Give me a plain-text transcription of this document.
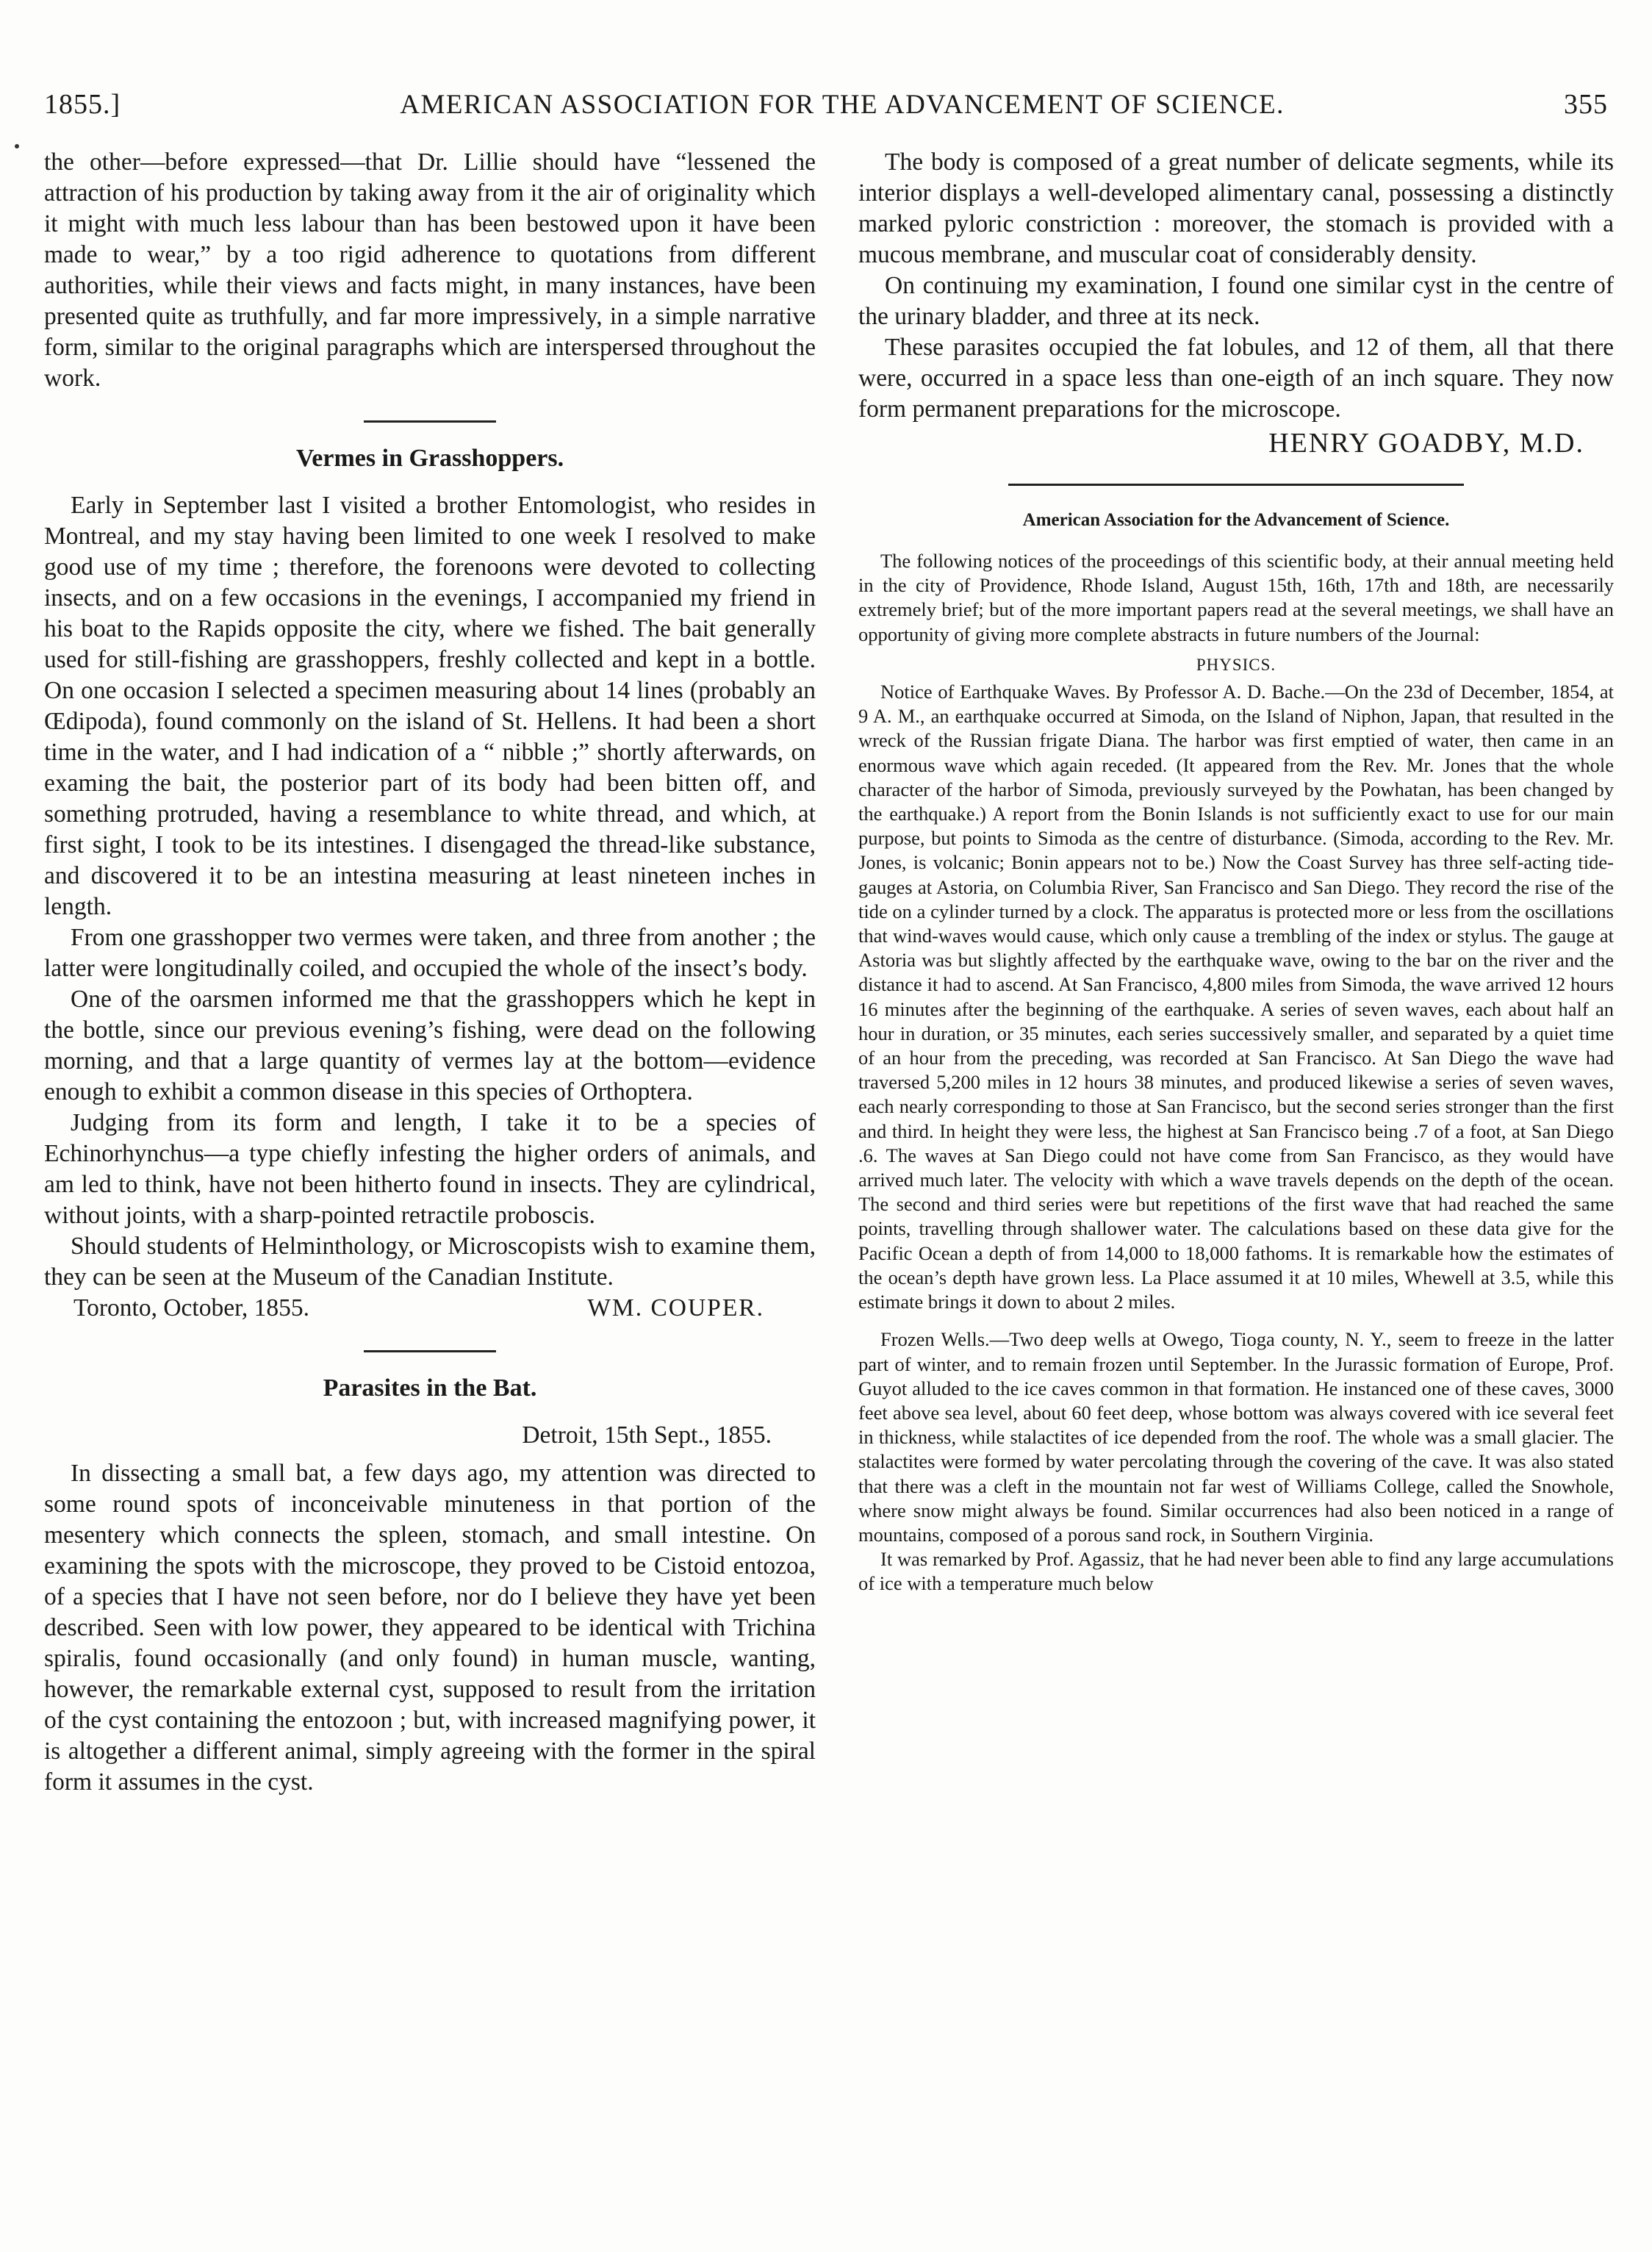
1855.]	AMERICAN ASSOCIATION FOR THE ADVANCEMENT OF SCIENCE.	355

the other—before expressed—that Dr. Lillie should have “lessened the attraction of his production by taking away from it the air of originality which it might with much less labour than has been bestowed upon it have been made to wear,” by a too rigid adherence to quotations from different authorities, while their views and facts might, in many instances, have been presented quite as truthfully, and far more impressively, in a simple narrative form, similar to the original paragraphs which are interspersed throughout the work.

Vermes in Grasshoppers.

Early in September last I visited a brother Entomologist, who resides in Montreal, and my stay having been limited to one week I resolved to make good use of my time ; therefore, the forenoons were devoted to collecting insects, and on a few occasions in the evenings, I accompanied my friend in his boat to the Rapids opposite the city, where we fished. The bait generally used for still-fishing are grasshoppers, freshly collected and kept in a bottle. On one occasion I selected a specimen measuring about 14 lines (probably an Œdipoda), found commonly on the island of St. Hellens. It had been a short time in the water, and I had indication of a “ nibble ;” shortly afterwards, on examing the bait, the posterior part of its body had been bitten off, and something protruded, having a resemblance to white thread, and which, at first sight, I took to be its intestines. I disengaged the thread-like substance, and discovered it to be an intestina measuring at least nineteen inches in length.

From one grasshopper two vermes were taken, and three from another ; the latter were longitudinally coiled, and occupied the whole of the insect’s body.

One of the oarsmen informed me that the grasshoppers which he kept in the bottle, since our previous evening’s fishing, were dead on the following morning, and that a large quantity of vermes lay at the bottom—evidence enough to exhibit a common disease in this species of Orthoptera.

Judging from its form and length, I take it to be a species of Echinorhynchus—a type chiefly infesting the higher orders of animals, and am led to think, have not been hitherto found in insects. They are cylindrical, without joints, with a sharp-pointed retractile proboscis.

Should students of Helminthology, or Microscopists wish to examine them, they can be seen at the Museum of the Canadian Institute.

Toronto, October, 1855.	WM. COUPER.
Parasites in the Bat.
Detroit, 15th Sept., 1855.

In dissecting a small bat, a few days ago, my attention was directed to some round spots of inconceivable minuteness in that portion of the mesentery which connects the spleen, stomach, and small intestine. On examining the spots with the microscope, they proved to be Cistoid entozoa, of a species that I have not seen before, nor do I believe they have yet been described. Seen with low power, they appeared to be identical with Trichina spiralis, found occasionally (and only found) in human muscle, wanting, however, the remarkable external cyst, supposed to result from the irritation of the cyst containing the entozoon ; but, with increased magnifying power, it is altogether a different animal, simply agreeing with the former in the spiral form it assumes in the cyst.

The body is composed of a great number of delicate segments, while its interior displays a well-developed alimentary canal, possessing a distinctly marked pyloric constriction : moreover, the stomach is provided with a mucous membrane, and muscular coat of considerably density.

On continuing my examination, I found one similar cyst in the centre of the urinary bladder, and three at its neck.

These parasites occupied the fat lobules, and 12 of them, all that there were, occurred in a space less than one-eigth of an inch square. They now form permanent preparations for the microscope.

HENRY GOADBY, M.D.
American Association for the Advancement of Science.

The following notices of the proceedings of this scientific body, at their annual meeting held in the city of Providence, Rhode Island, August 15th, 16th, 17th and 18th, are necessarily extremely brief; but of the more important papers read at the several meetings, we shall have an opportunity of giving more complete abstracts in future numbers of the Journal:

PHYSICS.

Notice of Earthquake Waves. By Professor A. D. Bache.—On the 23d of December, 1854, at 9 A. M., an earthquake occurred at Simoda, on the Island of Niphon, Japan, that resulted in the wreck of the Russian frigate Diana. The harbor was first emptied of water, then came in an enormous wave which again receded. (It appeared from the Rev. Mr. Jones that the whole character of the harbor of Simoda, previously surveyed by the Powhatan, has been changed by the earthquake.) A report from the Bonin Islands is not sufficiently exact to use for our main purpose, but points to Simoda as the centre of disturbance. (Simoda, according to the Rev. Mr. Jones, is volcanic; Bonin appears not to be.) Now the Coast Survey has three self-acting tide-gauges at Astoria, on Columbia River, San Francisco and San Diego. They record the rise of the tide on a cylinder turned by a clock. The apparatus is protected more or less from the oscillations that wind-waves would cause, which only cause a trembling of the index or stylus. The gauge at Astoria was but slightly affected by the earthquake wave, owing to the bar on the river and the distance it had to ascend. At San Francisco, 4,800 miles from Simoda, the wave arrived 12 hours 16 minutes after the beginning of the earthquake. A series of seven waves, each about half an hour in duration, or 35 minutes, each series successively smaller, and separated by a quiet time of an hour from the preceding, was recorded at San Francisco. At San Diego the wave had traversed 5,200 miles in 12 hours 38 minutes, and produced likewise a series of seven waves, each nearly corresponding to those at San Francisco, but the second series stronger than the first and third. In height they were less, the highest at San Francisco being .7 of a foot, at San Diego .6. The waves at San Diego could not have come from San Francisco, as they would have arrived much later. The velocity with which a wave travels depends on the depth of the ocean. The second and third series were but repetitions of the first wave that had reached the same points, travelling through shallower water. The calculations based on these data give for the Pacific Ocean a depth of from 14,000 to 18,000 fathoms. It is remarkable how the estimates of the ocean’s depth have grown less. La Place assumed it at 10 miles, Whewell at 3.5, while this estimate brings it down to about 2 miles.

Frozen Wells.—Two deep wells at Owego, Tioga county, N. Y., seem to freeze in the latter part of winter, and to remain frozen until September. In the Jurassic formation of Europe, Prof. Guyot alluded to the ice caves common in that formation. He instanced one of these caves, 3000 feet above sea level, about 60 feet deep, whose bottom was always covered with ice several feet in thickness, while stalactites of ice depended from the roof. The whole was a small glacier. The stalactites were formed by water percolating through the covering of the cave. It was also stated that there was a cleft in the mountain not far west of Williams College, called the Snowhole, where snow might always be found. Similar occurrences had also been noticed in a range of mountains, composed of a porous sand rock, in Southern Virginia.

It was remarked by Prof. Agassiz, that he had never been able to find any large accumulations of ice with a temperature much below
